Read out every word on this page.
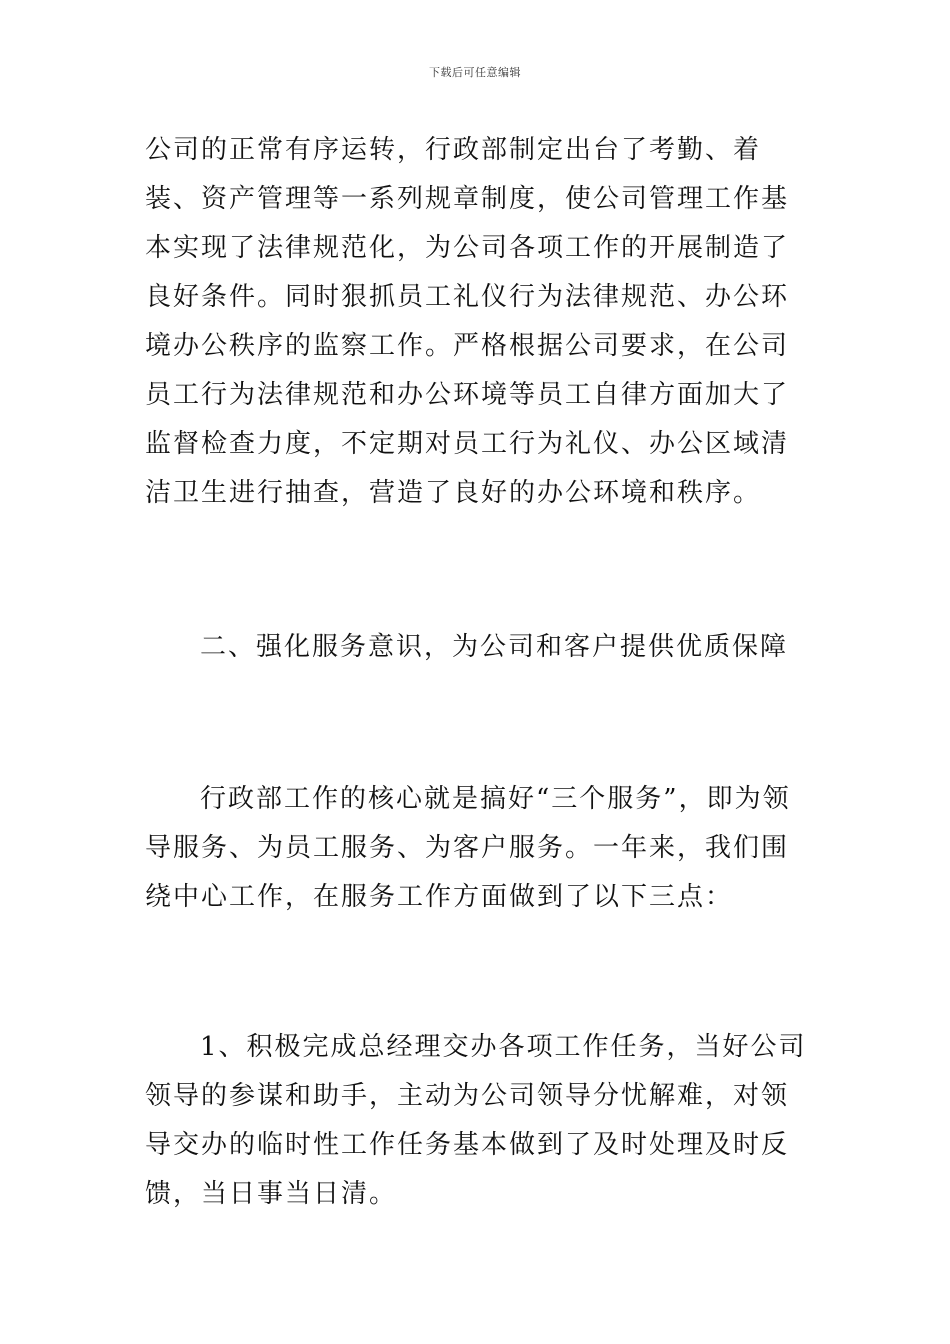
下载后可任意编辑

公司的正常有序运转，行政部制定出台了考勤、着装、资产管理等一系列规章制度，使公司管理工作基本实现了法律规范化，为公司各项工作的开展制造了良好条件。同时狠抓员工礼仪行为法律规范、办公环境办公秩序的监察工作。严格根据公司要求，在公司员工行为法律规范和办公环境等员工自律方面加大了监督检查力度，不定期对员工行为礼仪、办公区域清洁卫生进行抽查，营造了良好的办公环境和秩序。

二、强化服务意识，为公司和客户提供优质保障

行政部工作的核心就是搞好“三个服务”，即为领导服务、为员工服务、为客户服务。一年来，我们围绕中心工作，在服务工作方面做到了以下三点：

1、积极完成总经理交办各项工作任务，当好公司领导的参谋和助手，主动为公司领导分忧解难，对领导交办的临时性工作任务基本做到了及时处理及时反馈，当日事当日清。
